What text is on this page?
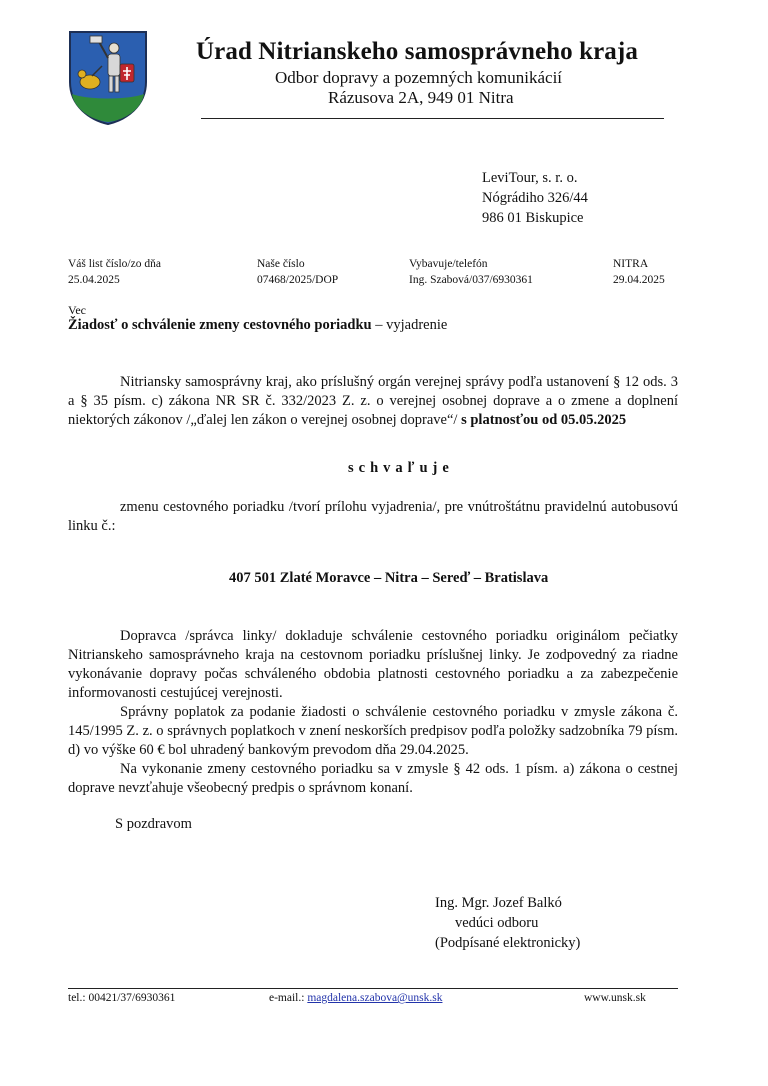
Úrad Nitrianskeho samosprávneho kraja
Odbor dopravy a pozemných komunikácií
Rázusova 2A, 949 01 Nitra
LeviTour, s. r. o.
Nógrádiho 326/44
986 01 Biskupice
Váš list číslo/zo dňa
25.04.2025
Naše číslo
07468/2025/DOP
Vybavuje/telefón
Ing. Szabová/037/6930361
NITRA
29.04.2025
Vec
Žiadosť o schválenie zmeny cestovného poriadku – vyjadrenie
Nitriansky samosprávny kraj, ako príslušný orgán verejnej správy podľa ustanovení § 12 ods. 3 a § 35 písm. c) zákona NR SR č. 332/2023 Z. z. o verejnej osobnej doprave a o zmene a doplnení niektorých zákonov /„ďalej len zákon o verejnej osobnej doprave“/ s platnosťou od 05.05.2025
schvaľuje
zmenu cestovného poriadku /tvorí prílohu vyjadrenia/, pre vnútroštátnu pravidelnú autobusovú linku č.:
407 501 Zlaté Moravce – Nitra – Sereď – Bratislava
Dopravca /správca linky/ dokladuje schválenie cestovného poriadku originálom pečiatky Nitrianskeho samosprávneho kraja na cestovnom poriadku príslušnej linky. Je zodpovedný za riadne vykonávanie dopravy počas schváleného obdobia platnosti cestovného poriadku a za zabezpečenie informovanosti cestujúcej verejnosti.
Správny poplatok za podanie žiadosti o schválenie cestovného poriadku v zmysle zákona č. 145/1995 Z. z. o správnych poplatkoch v znení neskorších predpisov podľa položky sadzobníka 79 písm. d) vo výške 60 € bol uhradený bankovým prevodom dňa 29.04.2025.
Na vykonanie zmeny cestovného poriadku sa v zmysle § 42 ods. 1 písm. a) zákona o cestnej doprave nevzťahuje všeobecný predpis o správnom konaní.
S pozdravom
Ing. Mgr. Jozef Balkó
vedúci odboru
(Podpísané elektronicky)
tel.: 00421/37/6930361	e-mail.: magdalena.szabova@unsk.sk	www.unsk.sk
